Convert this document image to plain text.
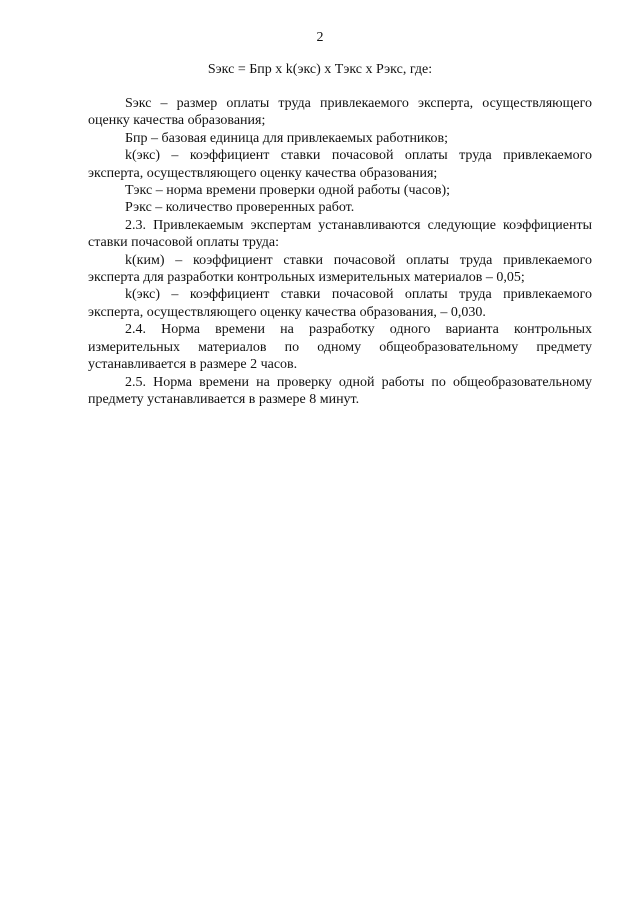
2
Sэкс = Бпр х k(экс) х Тэкс х Рэкс, где:

Sэкс – размер оплаты труда привлекаемого эксперта, осуществляющего оценку качества образования;

Бпр – базовая единица для привлекаемых работников;

k(экс) – коэффициент ставки почасовой оплаты труда привлекаемого эксперта, осуществляющего оценку качества образования;

Тэкс – норма времени проверки одной работы (часов);

Рэкс – количество проверенных работ.

2.3. Привлекаемым экспертам устанавливаются следующие коэффициенты ставки почасовой оплаты труда:

k(ким) – коэффициент ставки почасовой оплаты труда привлекаемого эксперта для разработки контрольных измерительных материалов – 0,05;

k(экс) – коэффициент ставки почасовой оплаты труда привлекаемого эксперта, осуществляющего оценку качества образования, – 0,030.

2.4. Норма времени на разработку одного варианта контрольных измерительных материалов по одному общеобразовательному предмету устанавливается в размере 2 часов.

2.5. Норма времени на проверку одной работы по общеобразовательному предмету устанавливается в размере 8 минут.
